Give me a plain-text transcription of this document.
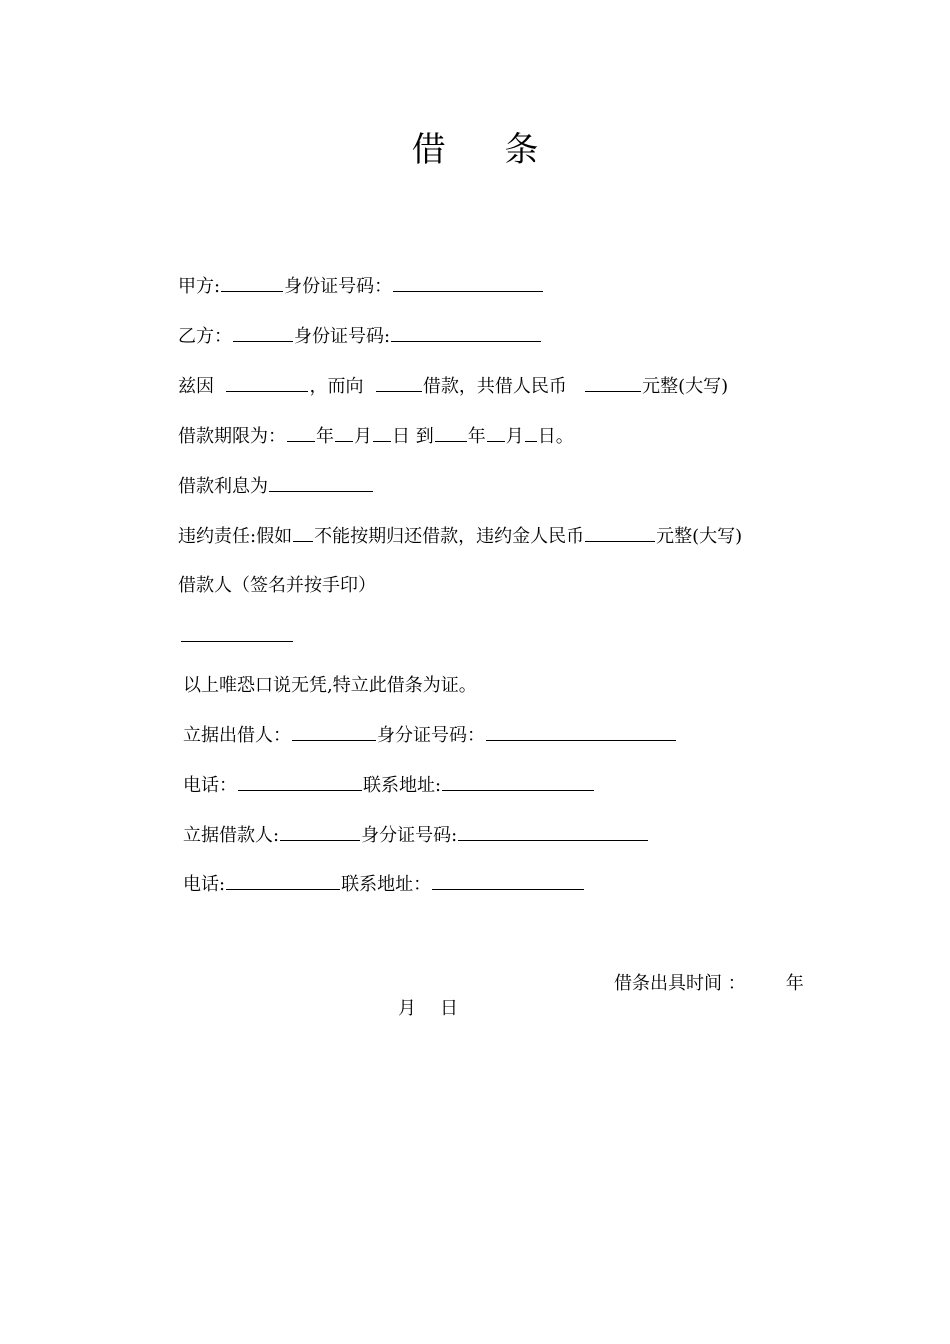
借 条
甲方:	身份证号码：
乙方：	身份证号码:
兹因	，而向	借款，共借人民币	元整(大写)
借款期限为： 年 月 日 到 年 月 日。
借款利息为
违约责任:假如 不能按期归还借款，违约金人民币	元整(大写)
借款人（签名并按手印）
以上唯恐口说无凭,特立此借条为证。
立据出借人：	身分证号码：
电话：	联系地址:
立据借款人:	身分证号码:
电话:	联系地址：
借条出具时间 ： 年
月 日
